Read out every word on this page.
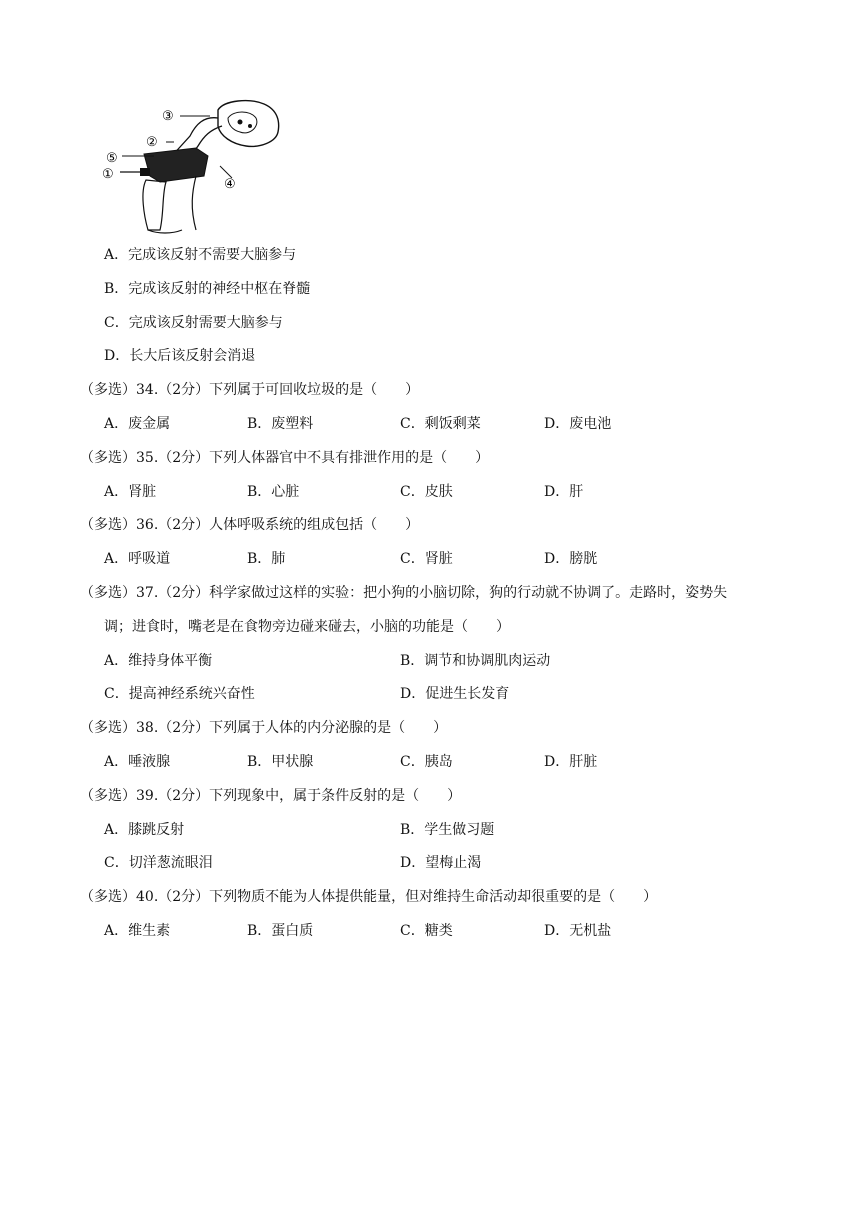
③
②
⑤
①
④
A．完成该反射不需要大脑参与
B．完成该反射的神经中枢在脊髓
C．完成该反射需要大脑参与
D．长大后该反射会消退
（多选）34.（2分）下列属于可回收垃圾的是（　　）
A．废金属	B．废塑料	C．剩饭剩菜	D．废电池
（多选）35.（2分）下列人体器官中不具有排泄作用的是（　　）
A．肾脏	B．心脏	C．皮肤	D．肝
（多选）36.（2分）人体呼吸系统的组成包括（　　）
A．呼吸道	B．肺	C．肾脏	D．膀胱
（多选）37.（2分）科学家做过这样的实验：把小狗的小脑切除，狗的行动就不协调了。走路时，姿势失
调；进食时，嘴老是在食物旁边碰来碰去，小脑的功能是（　　）
A．维持身体平衡	B．调节和协调肌肉运动
C．提高神经系统兴奋性	D．促进生长发育
（多选）38.（2分）下列属于人体的内分泌腺的是（　　）
A．唾液腺	B．甲状腺	C．胰岛	D．肝脏
（多选）39.（2分）下列现象中，属于条件反射的是（　　）
A．膝跳反射	B．学生做习题
C．切洋葱流眼泪	D．望梅止渴
（多选）40.（2分）下列物质不能为人体提供能量，但对维持生命活动却很重要的是（　　）
A．维生素	B．蛋白质	C．糖类	D．无机盐
